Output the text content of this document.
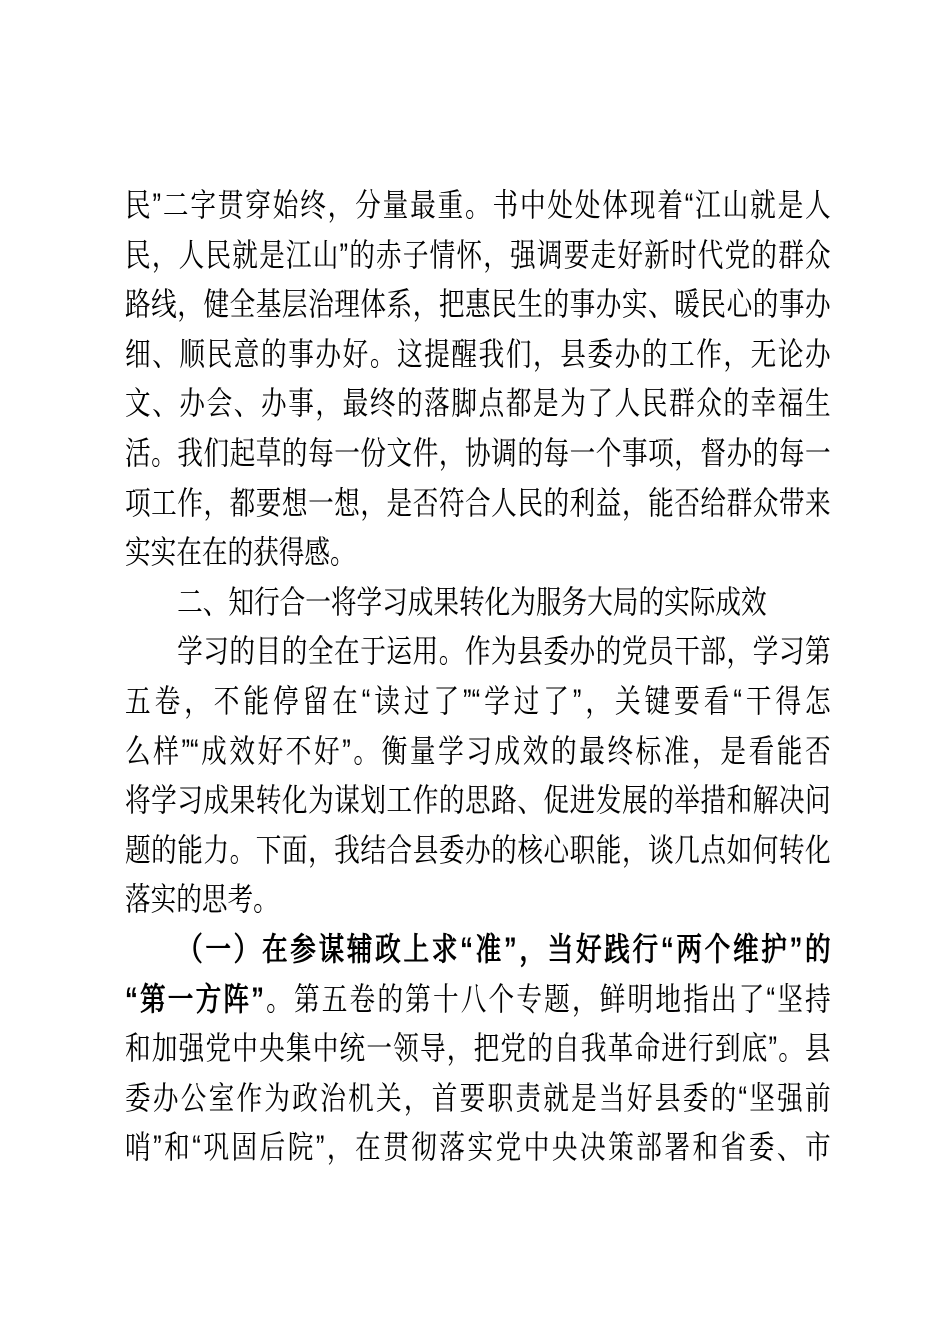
民”二字贯穿始终，分量最重。书中处处体现着“江山就是人
民，人民就是江山”的赤子情怀，强调要走好新时代党的群众
路线，健全基层治理体系，把惠民生的事办实、暖民心的事办
细、顺民意的事办好。这提醒我们，县委办的工作，无论办
文、办会、办事，最终的落脚点都是为了人民群众的幸福生
活。我们起草的每一份文件，协调的每一个事项，督办的每一
项工作，都要想一想，是否符合人民的利益，能否给群众带来
实实在在的获得感。
二、知行合一将学习成果转化为服务大局的实际成效
学习的目的全在于运用。作为县委办的党员干部，学习第
五卷，不能停留在“读过了”“学过了”，关键要看“干得怎
么样”“成效好不好”。衡量学习成效的最终标准，是看能否
将学习成果转化为谋划工作的思路、促进发展的举措和解决问
题的能力。下面，我结合县委办的核心职能，谈几点如何转化
落实的思考。
（一）在参谋辅政上求“准”，当好践行“两个维护”的
“第一方阵”。第五卷的第十八个专题，鲜明地指出了“坚持
和加强党中央集中统一领导，把党的自我革命进行到底”。县
委办公室作为政治机关，首要职责就是当好县委的“坚强前
哨”和“巩固后院”，在贯彻落实党中央决策部署和省委、市
